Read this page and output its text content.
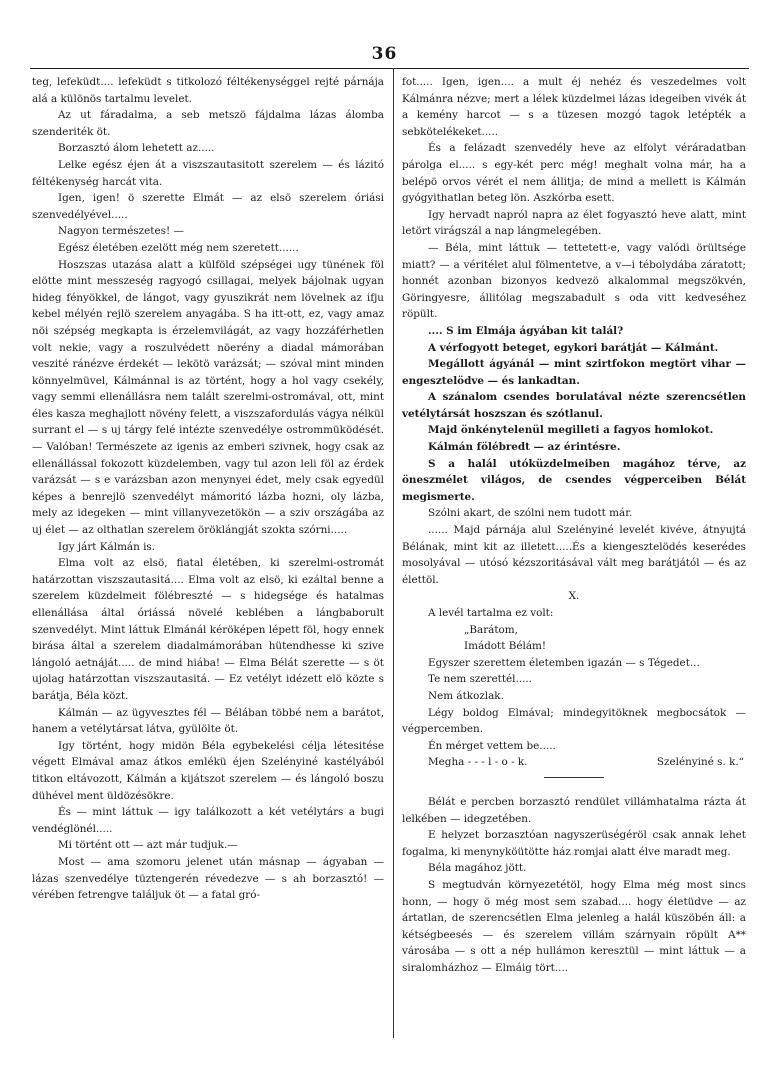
36

teg, lefeküdt.... lefeküdt s titkolozó féltékenységgel rejté párnája alá a különös tartalmu levelet.

Az ut fáradalma, a seb metszö fájdalma lázas álomba szenderiték öt.

Borzasztó álom lehetett az.....

Lelke egész éjen át a viszszautasitott szerelem — és lázitó féltékenység harcát vita.

Igen, igen! ö szerette Elmát — az elsö szerelem óriási szenvedélyével.....

Nagyon természetes! —

Egész életében ezelött még nem szeretett......

Hoszszas utazása alatt a külföld szépségei ugy tünének föl elötte mint messzeség ragyogó csillagai, melyek bájolnak ugyan hideg fényökkel, de lángot, vagy gyuszikrát nem lövelnek az ifju kebel mélyén rejlö szerelem anyagába. S ha itt-ott, ez, vagy amaz nöi szépség megkapta is érzelemvilágát, az vagy hozzáférhetlen volt nekie, vagy a roszulvédett nöerény a diadal mámorában veszité ránézve érdekét — lekötö varázsát; — szóval mint minden könnyelmüvel, Kálmánnal is az történt, hogy a hol vagy csekély, vagy semmi ellenállásra nem talált szerelmi-ostromával, ott, mint éles kasza meghajlott növény felett, a viszszafordulás vágya nélkül surrant el — s uj tárgy felé intézte szenvedélye ostrommüködését. — Valóban! Természete az igenis az emberi szivnek, hogy csak az ellenállással fokozott küzdelemben, vagy tul azon leli föl az érdek varázsát — s e varázsban azon menynyei édet, mely csak egyedül képes a benrejlö szenvedélyt mámoritó lázba hozni, oly lázba, mely az idegeken — mint villanyvezetökön — a sziv országába az uj élet — az olthatlan szerelem öröklángját szokta szórni.....

Igy járt Kálmán is.

Elma volt az elsö, fiatal életében, ki szerelmi-ostromát határzottan viszszautasitá.... Elma volt az elsö, ki ezáltal benne a szerelem küzdelmeit fölébreszté — s hidegsége és hatalmas ellenállása által óriássá növelé keblében a lángbaborult szenvedélyt. Mint láttuk Elmánál kéröképen lépett föl, hogy ennek birása által a szerelem diadalmámorában hütendhesse ki szive lángoló aetnáját..... de mind hiába! — Elma Bélát szerette — s öt ujolag határzottan viszszautasitá. — Ez vetélyt idézett elö közte s barátja, Béla közt.

Kálmán — az ügyvesztes fél — Bélában többé nem a barátot, hanem a vetélytársat látva, gyülölte öt.

Igy történt, hogy midön Béla egybekelési célja létesitése végett Elmával amaz átkos emlékü éjen Szelényiné kastélyából titkon eltávozott, Kálmán a kijátszot szerelem — és lángoló boszu dühével ment üldözésökre.

És — mint láttuk — igy találkozott a két vetélytárs a bugi vendéglönél.....

Mi történt ott — azt már tudjuk.—

Most — ama szomoru jelenet után másnap — ágyaban — lázas szenvedélye tüztengerén révedezve — s ah borzasztó! — vérében fetrengve találjuk öt — a fatal gró-

fot..... Igen, igen.... a mult éj nehéz és veszedelmes volt Kálmánra nézve; mert a lélek küzdelmei lázas idegeiben vivék át a kemény harcot — s a tüzesen mozgó tagok letépték a sebkötelékeket.....

És a felázadt szenvedély heve az elfolyt véráradatban párolga el..... s egy-két perc még! meghalt volna már, ha a belépö orvos vérét el nem állitja; de mind a mellett is Kálmán gyógyithatlan beteg lön. Aszkórba esett.

Igy hervadt napról napra az élet fogyasztó heve alatt, mint letört virágszál a nap lángmelegében.

— Béla, mint láttuk — tettetett-e, vagy valódi örültsége miatt? — a véritélet alul fölmentetve, a v—i tébolydába záratott; honnét azonban bizonyos kedvezö alkalommal megszökvén, Göringyesre, állitólag megszabadult s oda vitt kedveséhez röpült.

.... S im Elmája ágyában kit talál?

A vérfogyott beteget, egykori barátját — Kálmánt.

Megállott ágyánál — mint szirtfokon megtört vihar — engesztelödve — és lankadtan.

A szánalom csendes borulatával nézte szerencsétlen vetélytársát hoszszan és szótlanul.

Majd önkénytelenül megilleti a fagyos homlokot.

Kálmán fölébredt — az érintésre.

S a halál utóküzdelmeiben magához térve, az öneszmélet világos, de csendes végperceiben Bélát megismerte.

Szólni akart, de szólni nem tudott már.

...... Majd párnája alul Szelényiné levelét kivéve, átnyujtá Bélának, mint kit az illetett.....És a kiengesztelödés keserédes mosolyával — utósó kézszoritásával vált meg barátjától — és az élettöl.

X.

A levél tartalma ez volt:

„Barátom,

Imádott Bélám!

Egyszer szerettem életemben igazán — s Tégedet...

Te nem szerettél.....

Nem átkozlak.

Légy boldog Elmával; mindegyitöknek megbocsátok — végpercemben.

Én mérget vettem be.....

Megha - - - l - o - k.	Szelényiné s. k.“

Bélát e percben borzasztó rendület villámhatalma rázta át lelkében — idegzetében.

E helyzet borzasztóan nagyszerüségéröl csak annak lehet fogalma, ki menynyköütötte ház romjai alatt élve maradt meg.

Béla magához jött.

S megtudván környezetétöl, hogy Elma még most sincs honn, — hogy ö még most sem szabad.... hogy életüdve — az ártatlan, de szerencsétlen Elma jelenleg a halál küszöbén áll: a kétségbeesés — és szerelem villám szárnyain röpült A** városába — s ott a nép hullámon keresztül — mint láttuk — a siralomházhoz — Elmáig tört....
